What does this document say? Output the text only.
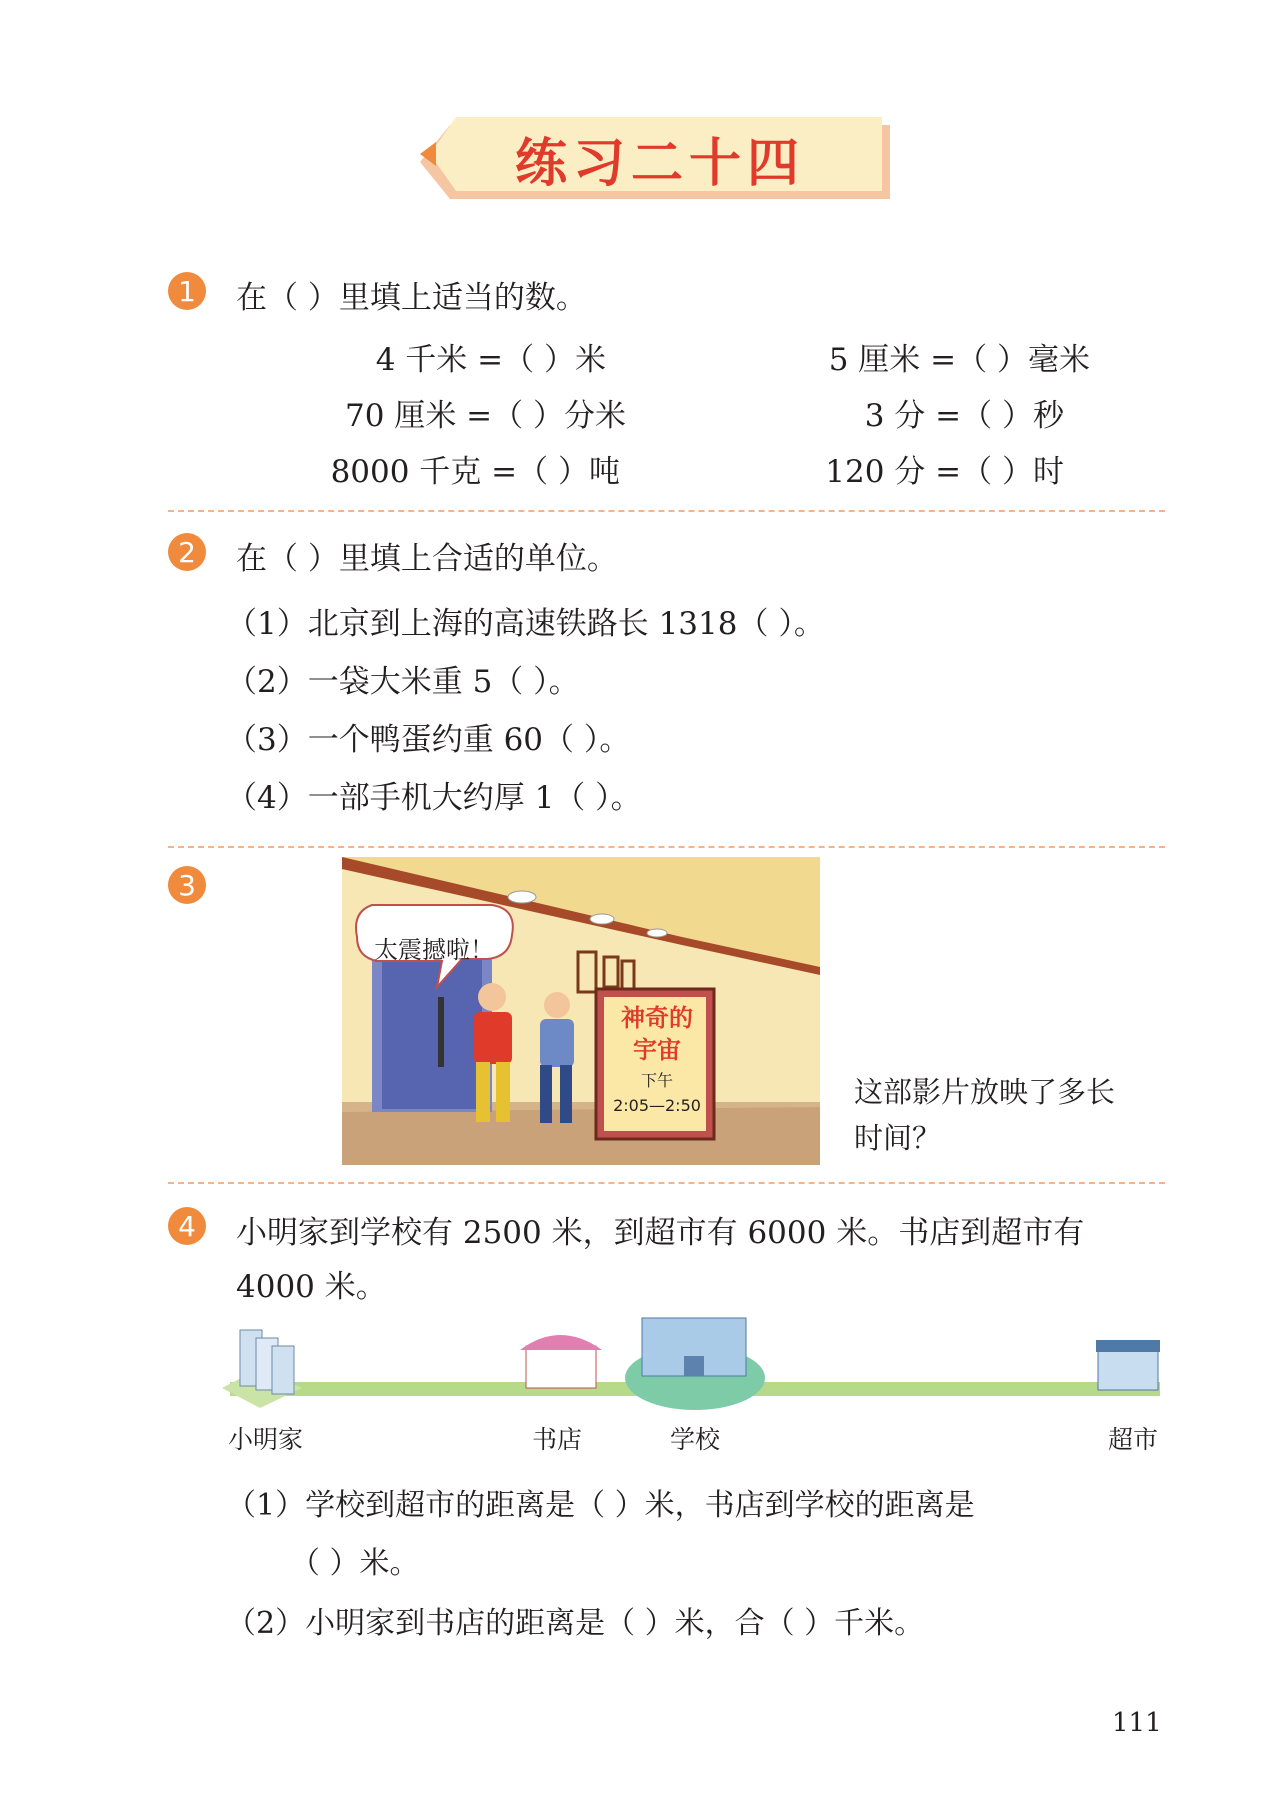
练习二十四
1	在（ ）里填上适当的数。
4 千米 =（ ）米	5 厘米 =（ ）毫米
70 厘米 =（ ）分米	3 分 =（ ）秒
8000 千克 =（ ）吨	120 分 =（ ）时
2	在（ ）里填上合适的单位。
（1）北京到上海的高速铁路长 1318（ ）。
（2）一袋大米重 5（ ）。
（3）一个鸭蛋约重 60（ ）。
（4）一部手机大约厚 1（ ）。
3
太震撼啦！
神奇的
宇宙
下午
2:05—2:50	这部影片放映了多长
时间？
4	小明家到学校有 2500 米，到超市有 6000 米。书店到超市有
4000 米。
小明家	书店	学校	超市
（1）学校到超市的距离是（ ）米，书店到学校的距离是
（ ）米。
（2）小明家到书店的距离是（ ）米，合（ ）千米。
111
